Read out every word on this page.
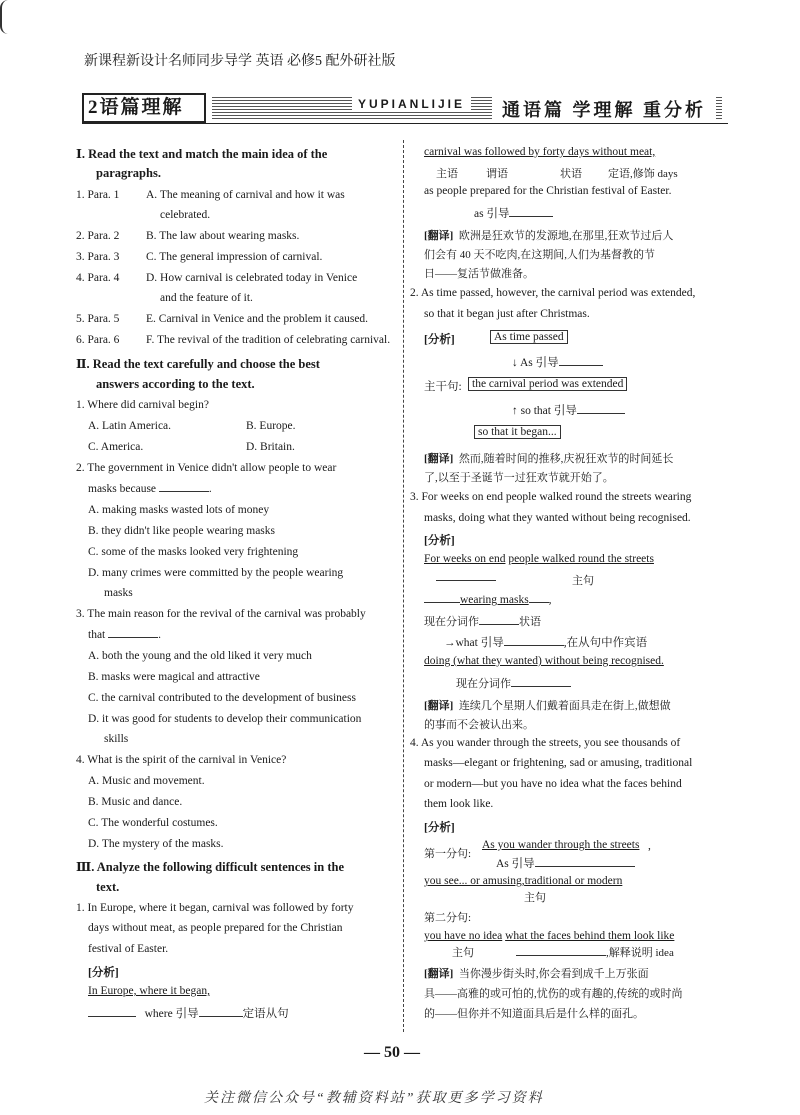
新课程新设计名师同步导学 英语 必修5 配外研社版
2语篇理解	YUPIANLIJIE	通语篇 学理解 重分析
Ⅰ. Read the text and match the main idea of the
paragraphs.
1. Para. 1 A. The meaning of carnival and how it was
celebrated.
2. Para. 2 B. The law about wearing masks.
3. Para. 3 C. The general impression of carnival.
4. Para. 4 D. How carnival is celebrated today in Venice
and the feature of it.
5. Para. 5 E. Carnival in Venice and the problem it caused.
6. Para. 6 F. The revival of the tradition of celebrating carnival.
Ⅱ. Read the text carefully and choose the best
answers according to the text.
1. Where did carnival begin?
A. Latin America.	B. Europe.
C. America.	D. Britain.
2. The government in Venice didn't allow people to wear
masks because	.
A. making masks wasted lots of money
B. they didn't like people wearing masks
C. some of the masks looked very frightening
D. many crimes were committed by the people wearing
masks
3. The main reason for the revival of the carnival was probably
that	.
A. both the young and the old liked it very much
B. masks were magical and attractive
C. the carnival contributed to the development of business
D. it was good for students to develop their communication
skills
4. What is the spirit of the carnival in Venice?
A. Music and movement.
B. Music and dance.
C. The wonderful costumes.
D. The mystery of the masks.
Ⅲ. Analyze the following difficult sentences in the
text.
1. In Europe, where it began, carnival was followed by forty
days without meat, as people prepared for the Christian
festival of Easter.
[分析]
In Europe, where it began,
where 引导	定语从句
carnival was followed by forty days without meat,
主语	谓语	状语 定语,修饰 days
as people prepared for the Christian festival of Easter.
as 引导
[翻译] 欧洲是狂欢节的发源地,在那里,狂欢节过后人
们会有 40 天不吃肉,在这期间,人们为基督教的节
日——复活节做准备。
2. As time passed, however, the carnival period was extended,
so that it began just after Christmas.
[分析]	As time passed
↓ As 引导
主干句: the carnival period was extended
↑ so that 引导
so that it began...
[翻译] 然而,随着时间的推移,庆祝狂欢节的时间延长
了,以至于圣诞节一过狂欢节就开始了。
3. For weeks on end people walked round the streets wearing
masks, doing what they wanted without being recognised.
[分析]
For weeks on end people walked round the streets
主句
wearing masks ,
现在分词作	状语
→what 引导	,在从句中作宾语
doing (what they wanted) without being recognised.
现在分词作
[翻译] 连续几个星期人们戴着面具走在街上,做想做
的事而不会被认出来。
4. As you wander through the streets, you see thousands of
masks—elegant or frightening, sad or amusing, traditional
or modern—but you have no idea what the faces behind
them look like.
[分析]
第一分句:
As you wander through the streets ,
As 引导
you see... or amusing,traditional or modern
主句
第二分句:
you have no idea what the faces behind them look like
主句	,解释说明 idea
[翻译] 当你漫步街头时,你会看到成千上万张面
具——高雅的或可怕的,忧伤的或有趣的,传统的或时尚
的——但你并不知道面具后是什么样的面孔。
— 50 —
关注微信公众号“教辅资料站”获取更多学习资料
